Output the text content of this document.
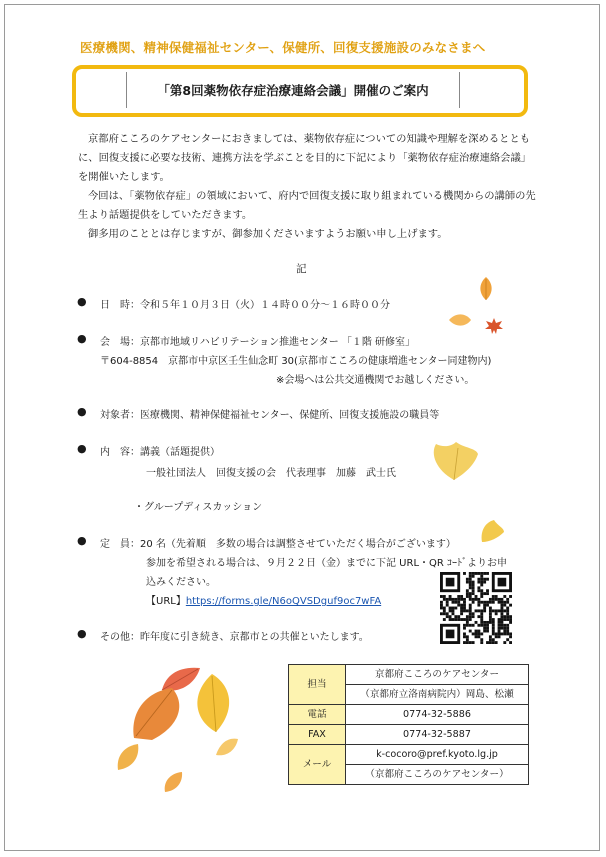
医療機関、精神保健福祉センター、保健所、回復支援施設のみなさまへ
「第8回薬物依存症治療連絡会議」開催のご案内

京都府こころのケアセンターにおきましては、薬物依存症についての知識や理解を深めるとともに、回復支援に必要な技術、連携方法を学ぶことを目的に下記により「薬物依存症治療連絡会議」を開催いたします。

今回は、「薬物依存症」の領域において、府内で回復支援に取り組まれている機関からの講師の先生より話題提供をしていただきます。

御多用のこととは存じますが、御参加くださいますようお願い申し上げます。

記
●
●
●
●
●
●
日　時：令和５年１０月３日（火）１４時００分～１６時００分
会　場：京都市地域リハビリテーション推進センター 「１階 研修室」
〒604-8854　京都市中京区壬生仙念町 30(京都市こころの健康増進センター同建物内)
※会場へは公共交通機関でお越しください。
対象者：医療機関、精神保健福祉センター、保健所、回復支援施設の職員等
内　容：講義（話題提供）
一般社団法人　回復支援の会　代表理事　加藤　武士氏
・グループディスカッション
定　員：20 名（先着順　多数の場合は調整させていただく場合がございます）
参加を希望される場合は、９月２２日（金）までに下記 URL・QR ｺｰﾄﾞよりお申
込みください。
【URL】https://forms.gle/N6oQVSDguf9oc7wFA
その他：昨年度に引き続き、京都市との共催といたします。
担当	京都府こころのケアセンター
	（京都府立洛南病院内）岡島、松瀬
電話	0774-32-5886
FAX	0774-32-5887
メール	k-cocoro@pref.kyoto.lg.jp
	（京都府こころのケアセンター）
